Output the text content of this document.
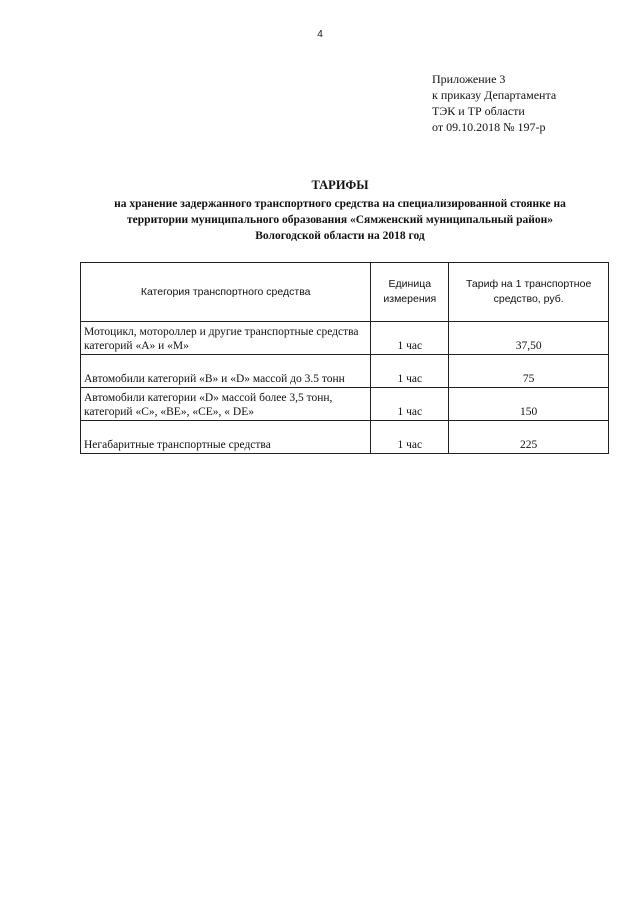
4
Приложение 3
к приказу Департамента
ТЭК и ТР области
от 09.10.2018 № 197-р
ТАРИФЫ
на хранение задержанного транспортного средства на специализированной стоянке на
территории муниципального образования «Сямженский муниципальный район»
Вологодской области на 2018 год
Категория транспортного средства	Единица измерения	Тариф на 1 транспортное средство, руб.
Мотоцикл, мотороллер и другие транспортные средства категорий «А» и «М»	1 час	37,50
Автомобили категорий «В» и «D» массой до 3.5 тонн	1 час	75
Автомобили категории «D» массой более 3,5 тонн, категорий «С», «ВЕ», «СЕ», « DE»	1 час	150
Негабаритные транспортные средства	1 час	225
